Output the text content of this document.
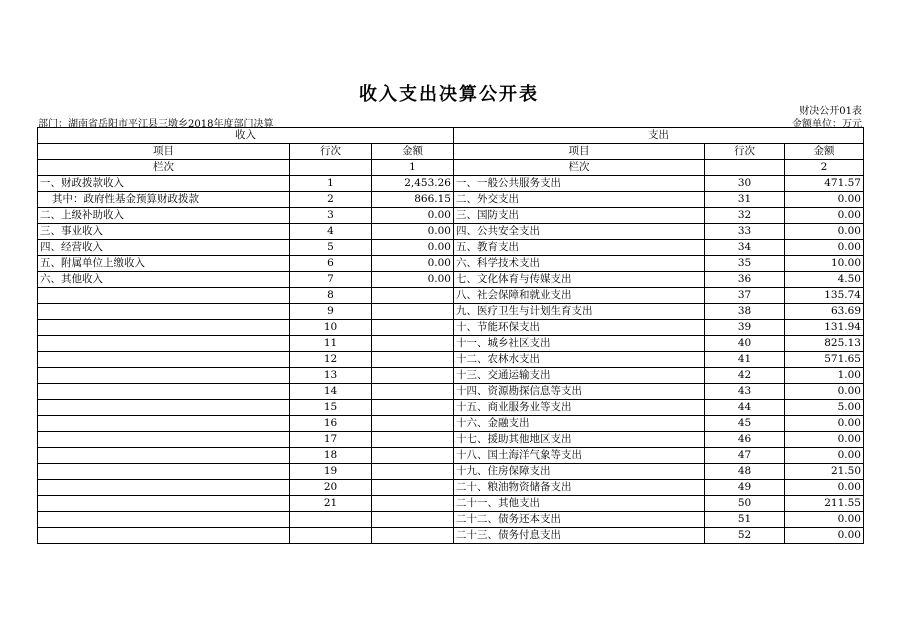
收入支出决算公开表
财决公开01表
部门：湖南省岳阳市平江县三墩乡2018年度部门决算	金额单位：万元
收入			支出		
项目	行次	金额	项目	行次	金额
栏次		1	栏次		2
一、财政拨款收入	1	2,453.26	一、一般公共服务支出	30	471.57
其中：政府性基金预算财政拨款	2	866.15	二、外交支出	31	0.00
二、上级补助收入	3	0.00	三、国防支出	32	0.00
三、事业收入	4	0.00	四、公共安全支出	33	0.00
四、经营收入	5	0.00	五、教育支出	34	0.00
五、附属单位上缴收入	6	0.00	六、科学技术支出	35	10.00
六、其他收入	7	0.00	七、文化体育与传媒支出	36	4.50
	8		八、社会保障和就业支出	37	135.74
	9		九、医疗卫生与计划生育支出	38	63.69
	10		十、节能环保支出	39	131.94
	11		十一、城乡社区支出	40	825.13
	12		十二、农林水支出	41	571.65
	13		十三、交通运输支出	42	1.00
	14		十四、资源勘探信息等支出	43	0.00
	15		十五、商业服务业等支出	44	5.00
	16		十六、金融支出	45	0.00
	17		十七、援助其他地区支出	46	0.00
	18		十八、国土海洋气象等支出	47	0.00
	19		十九、住房保障支出	48	21.50
	20		二十、粮油物资储备支出	49	0.00
	21		二十一、其他支出	50	211.55
			二十二、债务还本支出	51	0.00
			二十三、债务付息支出	52	0.00
